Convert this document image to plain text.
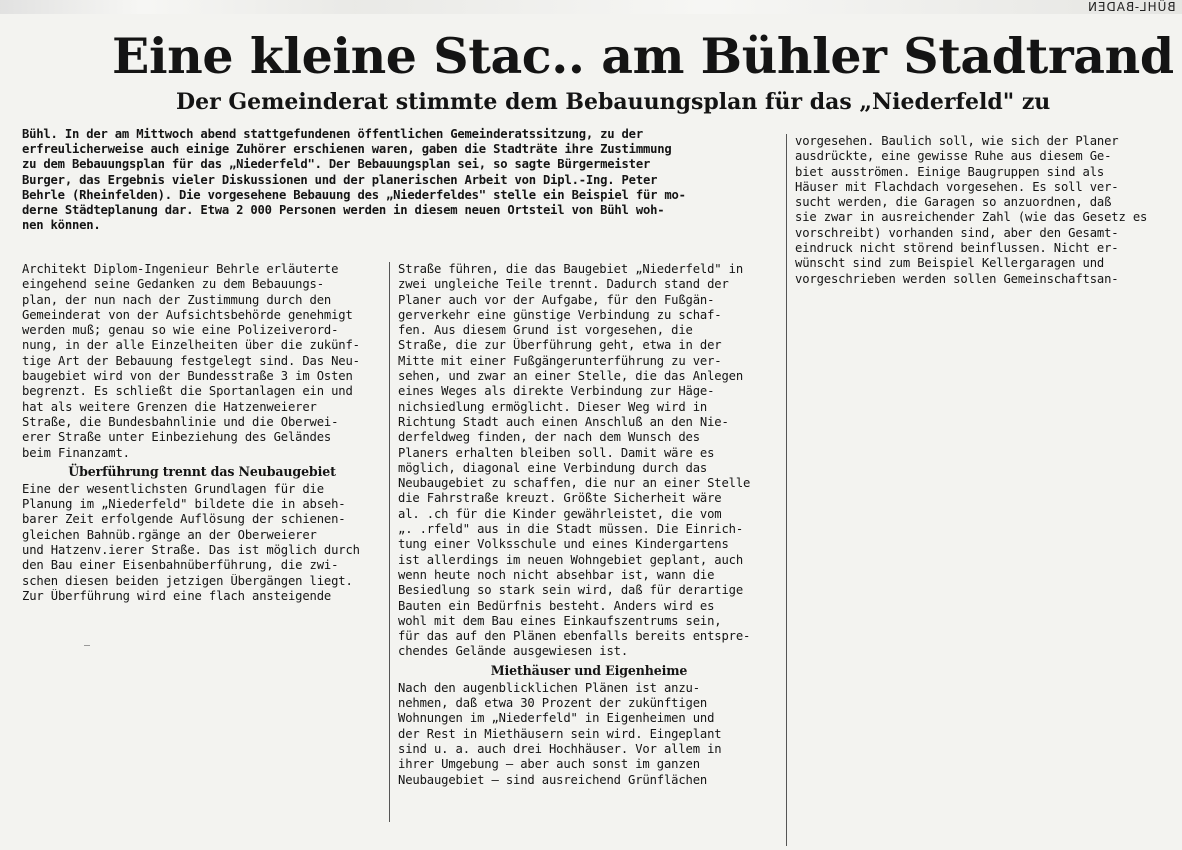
BÜHL-BADEN
Eine kleine Stac.. am Bühler Stadtrand
Der Gemeinderat stimmte dem Bebauungsplan für das „Niederfeld" zu
Bühl. In der am Mittwoch abend stattgefundenen öffentlichen Gemeinderatssitzung, zu der
erfreulicherweise auch einige Zuhörer erschienen waren, gaben die Stadträte ihre Zustimmung
zu dem Bebauungsplan für das „Niederfeld". Der Bebauungsplan sei, so sagte Bürgermeister
Burger, das Ergebnis vieler Diskussionen und der planerischen Arbeit von Dipl.-Ing. Peter
Behrle (Rheinfelden). Die vorgesehene Bebauung des „Niederfeldes" stelle ein Beispiel für mo-
derne Städteplanung dar. Etwa 2 000 Personen werden in diesem neuen Ortsteil von Bühl woh-
nen können.
Architekt Diplom-Ingenieur Behrle erläuterte
eingehend seine Gedanken zu dem Bebauungs-
plan, der nun nach der Zustimmung durch den
Gemeinderat von der Aufsichtsbehörde genehmigt
werden muß; genau so wie eine Polizeiverord-
nung, in der alle Einzelheiten über die zukünf-
tige Art der Bebauung festgelegt sind. Das Neu-
baugebiet wird von der Bundesstraße 3 im Osten
begrenzt. Es schließt die Sportanlagen ein und
hat als weitere Grenzen die Hatzenweierer
Straße, die Bundesbahnlinie und die Oberwei-
erer Straße unter Einbeziehung des Geländes
beim Finanzamt.
Überführung trennt das Neubaugebiet
Eine der wesentlichsten Grundlagen für die
Planung im „Niederfeld" bildete die in abseh-
barer Zeit erfolgende Auflösung der schienen-
gleichen Bahnüb.rgänge an der Oberweierer
und Hatzenv.ierer Straße. Das ist möglich durch
den Bau einer Eisenbahnüberführung, die zwi-
schen diesen beiden jetzigen Übergängen liegt.
Zur Überführung wird eine flach ansteigende
Straße führen, die das Baugebiet „Niederfeld" in
zwei ungleiche Teile trennt. Dadurch stand der
Planer auch vor der Aufgabe, für den Fußgän-
gerverkehr eine günstige Verbindung zu schaf-
fen. Aus diesem Grund ist vorgesehen, die
Straße, die zur Überführung geht, etwa in der
Mitte mit einer Fußgängerunterführung zu ver-
sehen, und zwar an einer Stelle, die das Anlegen
eines Weges als direkte Verbindung zur Häge-
nichsiedlung ermöglicht. Dieser Weg wird in
Richtung Stadt auch einen Anschluß an den Nie-
derfeldweg finden, der nach dem Wunsch des
Planers erhalten bleiben soll. Damit wäre es
möglich, diagonal eine Verbindung durch das
Neubaugebiet zu schaffen, die nur an einer Stelle
die Fahrstraße kreuzt. Größte Sicherheit wäre
al. .ch für die Kinder gewährleistet, die vom
„. .rfeld" aus in die Stadt müssen. Die Einrich-
tung einer Volksschule und eines Kindergartens
ist allerdings im neuen Wohngebiet geplant, auch
wenn heute noch nicht absehbar ist, wann die
Besiedlung so stark sein wird, daß für derartige
Bauten ein Bedürfnis besteht. Anders wird es
wohl mit dem Bau eines Einkaufszentrums sein,
für das auf den Plänen ebenfalls bereits entspre-
chendes Gelände ausgewiesen ist.
Miethäuser und Eigenheime
Nach den augenblicklichen Plänen ist anzu-
nehmen, daß etwa 30 Prozent der zukünftigen
Wohnungen im „Niederfeld" in Eigenheimen und
der Rest in Miethäusern sein wird. Eingeplant
sind u. a. auch drei Hochhäuser. Vor allem in
ihrer Umgebung — aber auch sonst im ganzen
Neubaugebiet — sind ausreichend Grünflächen
vorgesehen. Baulich soll, wie sich der Planer
ausdrückte, eine gewisse Ruhe aus diesem Ge-
biet ausströmen. Einige Baugruppen sind als
Häuser mit Flachdach vorgesehen. Es soll ver-
sucht werden, die Garagen so anzuordnen, daß
sie zwar in ausreichender Zahl (wie das Gesetz es
vorschreibt) vorhanden sind, aber den Gesamt-
eindruck nicht störend beinflussen. Nicht er-
wünscht sind zum Beispiel Kellergaragen und
vorgeschrieben werden sollen Gemeinschaftsan-
